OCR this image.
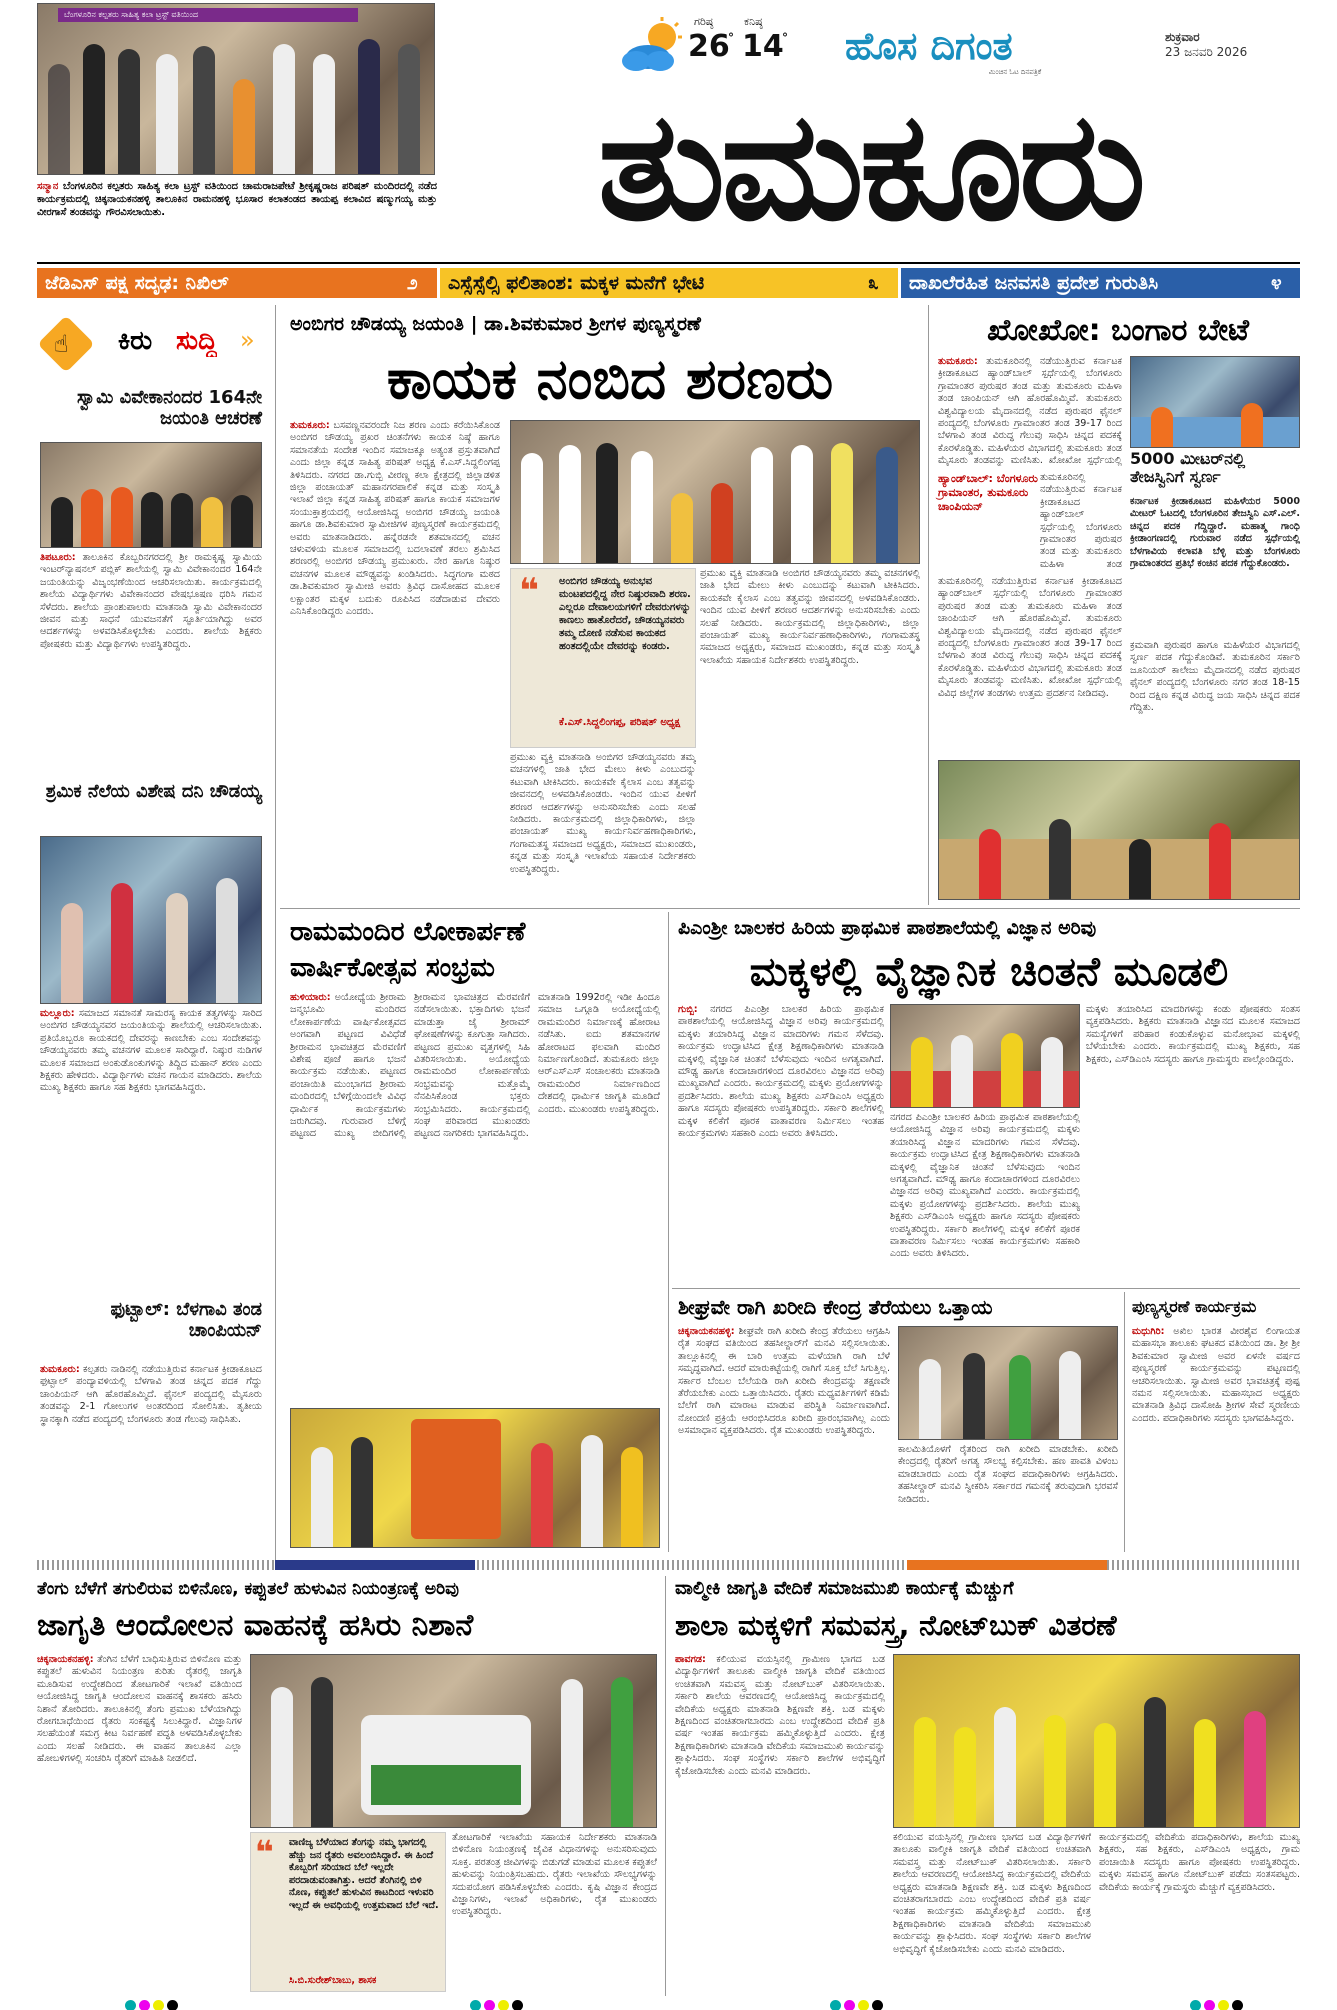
ಬೆಂಗಳೂರಿನ ಕಲ್ಪತರು ಸಾಹಿತ್ಯ ಕಲಾ ಟ್ರಸ್ಟ್ ವತಿಯಿಂದ
ಸನ್ಮಾನ ಬೆಂಗಳೂರಿನ ಕಲ್ಪತರು ಸಾಹಿತ್ಯ ಕಲಾ ಟ್ರಸ್ಟ್ ವತಿಯಿಂದ ಚಾಮರಾಜಪೇಟೆ ಶ್ರೀಕೃಷ್ಣರಾಜ ಪರಿಷತ್ ಮಂದಿರದಲ್ಲಿ ನಡೆದ ಕಾರ್ಯಕ್ರಮದಲ್ಲಿ ಚಿಕ್ಕನಾಯಕನಹಳ್ಳಿ ತಾಲೂಕಿನ ರಾಮನಹಳ್ಳಿ ಭೂಸಾರ ಕಲಾತಂಡದ ತಾಯಪ್ಪ ಕಲಾವಿದ ಷಣ್ಮುಗಯ್ಯ ಮತ್ತು ವೀರಗಾಸೆ ತಂಡವನ್ನು ಗೌರವಿಸಲಾಯಿತು.
ಗರಿಷ್ಠ
26
°
ಕನಿಷ್ಠ
14
° ಹೊಸ ದಿಗಂತ
ಮಿಂಚಿನ ಓಟ ದಿನಪತ್ರಿಕೆ
ಶುಕ್ರವಾರ
23 ಜನವರಿ 2026
ತುಮಕೂರು
ಜೆಡಿಎಸ್ ಪಕ್ಷ ಸದೃಢ: ನಿಖಿಲ್	೨ ಎಸ್ಸೆಸ್ಸೆಲ್ಸಿ ಫಲಿತಾಂಶ: ಮಕ್ಕಳ ಮನೆಗೆ ಭೇಟಿ	೩ ದಾಖಲೆರಹಿತ ಜನವಸತಿ ಪ್ರದೇಶ ಗುರುತಿಸಿ	೪
☝ ಕಿರು ಸುದ್ದಿ »
ಸ್ವಾಮಿ ವಿವೇಕಾನಂದರ 164ನೇ ಜಯಂತಿ ಆಚರಣೆ
ತಿಪಟೂರು: ತಾಲೂಕಿನ ಕೊಬ್ಬರಿನಗರದಲ್ಲಿ ಶ್ರೀ ರಾಮಕೃಷ್ಣ ಸ್ವಾಮಿಯ ಇಂಟರ್‌ನ್ಯಾಷನಲ್ ಪಬ್ಲಿಕ್ ಶಾಲೆಯಲ್ಲಿ ಸ್ವಾಮಿ ವಿವೇಕಾನಂದರ 164ನೇ ಜಯಂತಿಯನ್ನು ವಿಜೃಂಭಣೆಯಿಂದ ಆಚರಿಸಲಾಯಿತು. ಕಾರ್ಯಕ್ರಮದಲ್ಲಿ ಶಾಲೆಯ ವಿದ್ಯಾರ್ಥಿಗಳು ವಿವೇಕಾನಂದರ ವೇಷಭೂಷಣ ಧರಿಸಿ ಗಮನ ಸೆಳೆದರು. ಶಾಲೆಯ ಪ್ರಾಂಶುಪಾಲರು ಮಾತನಾಡಿ ಸ್ವಾಮಿ ವಿವೇಕಾನಂದರ ಜೀವನ ಮತ್ತು ಸಾಧನೆ ಯುವಜನತೆಗೆ ಸ್ಫೂರ್ತಿಯಾಗಿದ್ದು ಅವರ ಆದರ್ಶಗಳನ್ನು ಅಳವಡಿಸಿಕೊಳ್ಳಬೇಕು ಎಂದರು. ಶಾಲೆಯ ಶಿಕ್ಷಕರು ಪೋಷಕರು ಮತ್ತು ವಿದ್ಯಾರ್ಥಿಗಳು ಉಪಸ್ಥಿತರಿದ್ದರು.
ಶ್ರಮಿಕ ನೆಲೆಯ ವಿಶೇಷ ದನಿ ಚೌಡಯ್ಯ
ಮಲ್ಲೂರು: ಸಮಾಜದ ಸಮಾನತೆ ಸಾಮರಸ್ಯ ಕಾಯಕ ತತ್ವಗಳನ್ನು ಸಾರಿದ ಅಂಬಿಗರ ಚೌಡಯ್ಯನವರ ಜಯಂತಿಯನ್ನು ಶಾಲೆಯಲ್ಲಿ ಆಚರಿಸಲಾಯಿತು. ಪ್ರತಿಯೊಬ್ಬರೂ ಕಾಯಕದಲ್ಲಿ ದೇವರನ್ನು ಕಾಣಬೇಕು ಎಂಬ ಸಂದೇಶವನ್ನು ಚೌಡಯ್ಯನವರು ತಮ್ಮ ವಚನಗಳ ಮೂಲಕ ಸಾರಿದ್ದಾರೆ. ನಿಷ್ಠುರ ನುಡಿಗಳ ಮೂಲಕ ಸಮಾಜದ ಅಂಕುಡೊಂಕುಗಳನ್ನು ತಿದ್ದಿದ ಮಹಾನ್ ಶರಣ ಎಂದು ಶಿಕ್ಷಕರು ಹೇಳಿದರು. ವಿದ್ಯಾರ್ಥಿಗಳು ವಚನ ಗಾಯನ ಮಾಡಿದರು. ಶಾಲೆಯ ಮುಖ್ಯ ಶಿಕ್ಷಕರು ಹಾಗೂ ಸಹ ಶಿಕ್ಷಕರು ಭಾಗವಹಿಸಿದ್ದರು.
ಫುಟ್ಬಾಲ್: ಬೆಳಗಾವಿ ತಂಡ ಚಾಂಪಿಯನ್
ತುಮಕೂರು: ಕಲ್ಪತರು ನಾಡಿನಲ್ಲಿ ನಡೆಯುತ್ತಿರುವ ಕರ್ನಾಟಕ ಕ್ರೀಡಾಕೂಟದ ಫುಟ್ಬಾಲ್ ಪಂದ್ಯಾವಳಿಯಲ್ಲಿ ಬೆಳಗಾವಿ ತಂಡ ಚಿನ್ನದ ಪದಕ ಗೆದ್ದು ಚಾಂಪಿಯನ್ ಆಗಿ ಹೊರಹೊಮ್ಮಿದೆ. ಫೈನಲ್ ಪಂದ್ಯದಲ್ಲಿ ಮೈಸೂರು ತಂಡವನ್ನು 2-1 ಗೋಲುಗಳ ಅಂತರದಿಂದ ಸೋಲಿಸಿತು. ತೃತೀಯ ಸ್ಥಾನಕ್ಕಾಗಿ ನಡೆದ ಪಂದ್ಯದಲ್ಲಿ ಬೆಂಗಳೂರು ತಂಡ ಗೆಲುವು ಸಾಧಿಸಿತು.
ಅಂಬಿಗರ ಚೌಡಯ್ಯ ಜಯಂತಿ | ಡಾ.ಶಿವಕುಮಾರ ಶ್ರೀಗಳ ಪುಣ್ಯಸ್ಮರಣೆ
ಕಾಯಕ ನಂಬಿದ ಶರಣರು
ತುಮಕೂರು: ಬಸವಣ್ಣನವರಂದೇ ನಿಜ ಶರಣ ಎಂದು ಕರೆಯಿಸಿಕೊಂಡ ಅಂಬಿಗರ ಚೌಡಯ್ಯ ಪ್ರಖರ ಚಿಂತನೆಗಳು ಕಾಯಕ ನಿಷ್ಠೆ ಹಾಗೂ ಸಮಾನತೆಯ ಸಂದೇಶ ಇಂದಿನ ಸಮಾಜಕ್ಕೂ ಅತ್ಯಂತ ಪ್ರಸ್ತುತವಾಗಿದೆ ಎಂದು ಜಿಲ್ಲಾ ಕನ್ನಡ ಸಾಹಿತ್ಯ ಪರಿಷತ್ ಅಧ್ಯಕ್ಷ ಕೆ.ಎಸ್.ಸಿದ್ದಲಿಂಗಪ್ಪ ತಿಳಿಸಿದರು. ನಗರದ ಡಾ.ಗುಬ್ಬಿ ವೀರಣ್ಣ ಕಲಾ ಕ್ಷೇತ್ರದಲ್ಲಿ ಜಿಲ್ಲಾಡಳಿತ ಜಿಲ್ಲಾ ಪಂಚಾಯತ್ ಮಹಾನಗರಪಾಲಿಕೆ ಕನ್ನಡ ಮತ್ತು ಸಂಸ್ಕೃತಿ ಇಲಾಖೆ ಜಿಲ್ಲಾ ಕನ್ನಡ ಸಾಹಿತ್ಯ ಪರಿಷತ್ ಹಾಗೂ ಕಾಯಕ ಸಮಾಜಗಳ ಸಂಯುಕ್ತಾಶ್ರಯದಲ್ಲಿ ಆಯೋಜಿಸಿದ್ದ ಅಂಬಿಗರ ಚೌಡಯ್ಯ ಜಯಂತಿ ಹಾಗೂ ಡಾ.ಶಿವಕುಮಾರ ಸ್ವಾಮೀಜಿಗಳ ಪುಣ್ಯಸ್ಮರಣೆ ಕಾರ್ಯಕ್ರಮದಲ್ಲಿ ಅವರು ಮಾತನಾಡಿದರು. ಹನ್ನೆರಡನೇ ಶತಮಾನದಲ್ಲಿ ವಚನ ಚಳುವಳಿಯ ಮೂಲಕ ಸಮಾಜದಲ್ಲಿ ಬದಲಾವಣೆ ತರಲು ಶ್ರಮಿಸಿದ ಶರಣರಲ್ಲಿ ಅಂಬಿಗರ ಚೌಡಯ್ಯ ಪ್ರಮುಖರು. ನೇರ ಹಾಗೂ ನಿಷ್ಠುರ ವಚನಗಳ ಮೂಲಕ ಮೌಢ್ಯವನ್ನು ಖಂಡಿಸಿದರು. ಸಿದ್ಧಗಂಗಾ ಮಠದ ಡಾ.ಶಿವಕುಮಾರ ಸ್ವಾಮೀಜಿ ಅವರು ತ್ರಿವಿಧ ದಾಸೋಹದ ಮೂಲಕ ಲಕ್ಷಾಂತರ ಮಕ್ಕಳ ಬದುಕು ರೂಪಿಸಿದ ನಡೆದಾಡುವ ದೇವರು ಎನಿಸಿಕೊಂಡಿದ್ದರು ಎಂದರು.
❝ ಅಂಬಿಗರ ಚೌಡಯ್ಯ ಅನುಭವ ಮಂಟಪದಲ್ಲಿದ್ದ ನೇರ ನಿಷ್ಠುರವಾದಿ ಶರಣ. ಎಲ್ಲರೂ ದೇವಾಲಯಗಳಿಗೆ ದೇವರುಗಳನ್ನು ಕಾಣಲು ಹಾತೊರೆದರೆ, ಚೌಡಯ್ಯನವರು ತಮ್ಮ ದೋಣಿ ನಡೆಸುವ ಕಾಯಕದ ಹಂತದಲ್ಲಿಯೇ ದೇವರನ್ನು ಕಂಡರು.
ಕೆ.ಎಸ್.ಸಿದ್ದಲಿಂಗಪ್ಪ, ಪರಿಷತ್ ಅಧ್ಯಕ್ಷ
ಪ್ರಮುಖ ವ್ಯಕ್ತಿ ಮಾತನಾಡಿ ಅಂಬಿಗರ ಚೌಡಯ್ಯನವರು ತಮ್ಮ ವಚನಗಳಲ್ಲಿ ಜಾತಿ ಭೇದ ಮೇಲು ಕೀಳು ಎಂಬುದನ್ನು ಕಟುವಾಗಿ ಟೀಕಿಸಿದರು. ಕಾಯಕವೇ ಕೈಲಾಸ ಎಂಬ ತತ್ವವನ್ನು ಜೀವನದಲ್ಲಿ ಅಳವಡಿಸಿಕೊಂಡರು. ಇಂದಿನ ಯುವ ಪೀಳಿಗೆ ಶರಣರ ಆದರ್ಶಗಳನ್ನು ಅನುಸರಿಸಬೇಕು ಎಂದು ಸಲಹೆ ನೀಡಿದರು. ಕಾರ್ಯಕ್ರಮದಲ್ಲಿ ಜಿಲ್ಲಾಧಿಕಾರಿಗಳು, ಜಿಲ್ಲಾ ಪಂಚಾಯತ್ ಮುಖ್ಯ ಕಾರ್ಯನಿರ್ವಹಣಾಧಿಕಾರಿಗಳು, ಗಂಗಾಮತಸ್ಥ ಸಮಾಜದ ಅಧ್ಯಕ್ಷರು, ಸಮಾಜದ ಮುಖಂಡರು, ಕನ್ನಡ ಮತ್ತು ಸಂಸ್ಕೃತಿ ಇಲಾಖೆಯ ಸಹಾಯಕ ನಿರ್ದೇಶಕರು ಉಪಸ್ಥಿತರಿದ್ದರು.
ಪ್ರಮುಖ ವ್ಯಕ್ತಿ ಮಾತನಾಡಿ ಅಂಬಿಗರ ಚೌಡಯ್ಯನವರು ತಮ್ಮ ವಚನಗಳಲ್ಲಿ ಜಾತಿ ಭೇದ ಮೇಲು ಕೀಳು ಎಂಬುದನ್ನು ಕಟುವಾಗಿ ಟೀಕಿಸಿದರು. ಕಾಯಕವೇ ಕೈಲಾಸ ಎಂಬ ತತ್ವವನ್ನು ಜೀವನದಲ್ಲಿ ಅಳವಡಿಸಿಕೊಂಡರು. ಇಂದಿನ ಯುವ ಪೀಳಿಗೆ ಶರಣರ ಆದರ್ಶಗಳನ್ನು ಅನುಸರಿಸಬೇಕು ಎಂದು ಸಲಹೆ ನೀಡಿದರು. ಕಾರ್ಯಕ್ರಮದಲ್ಲಿ ಜಿಲ್ಲಾಧಿಕಾರಿಗಳು, ಜಿಲ್ಲಾ ಪಂಚಾಯತ್ ಮುಖ್ಯ ಕಾರ್ಯನಿರ್ವಹಣಾಧಿಕಾರಿಗಳು, ಗಂಗಾಮತಸ್ಥ ಸಮಾಜದ ಅಧ್ಯಕ್ಷರು, ಸಮಾಜದ ಮುಖಂಡರು, ಕನ್ನಡ ಮತ್ತು ಸಂಸ್ಕೃತಿ ಇಲಾಖೆಯ ಸಹಾಯಕ ನಿರ್ದೇಶಕರು ಉಪಸ್ಥಿತರಿದ್ದರು.
ಖೋಖೋ: ಬಂಗಾರ ಬೇಟೆ
ತುಮಕೂರು: ತುಮಕೂರಿನಲ್ಲಿ ನಡೆಯುತ್ತಿರುವ ಕರ್ನಾಟಕ ಕ್ರೀಡಾಕೂಟದ ಹ್ಯಾಂಡ್‌ಬಾಲ್ ಸ್ಪರ್ಧೆಯಲ್ಲಿ ಬೆಂಗಳೂರು ಗ್ರಾಮಾಂತರ ಪುರುಷರ ತಂಡ ಮತ್ತು ತುಮಕೂರು ಮಹಿಳಾ ತಂಡ ಚಾಂಪಿಯನ್ ಆಗಿ ಹೊರಹೊಮ್ಮಿವೆ. ತುಮಕೂರು ವಿಶ್ವವಿದ್ಯಾಲಯ ಮೈದಾನದಲ್ಲಿ ನಡೆದ ಪುರುಷರ ಫೈನಲ್ ಪಂದ್ಯದಲ್ಲಿ ಬೆಂಗಳೂರು ಗ್ರಾಮಾಂತರ ತಂಡ 39-17 ರಿಂದ ಬೆಳಗಾವಿ ತಂಡ ವಿರುದ್ಧ ಗೆಲುವು ಸಾಧಿಸಿ ಚಿನ್ನದ ಪದಕಕ್ಕೆ ಕೊರಳೊಡ್ಡಿತು. ಮಹಿಳೆಯರ ವಿಭಾಗದಲ್ಲಿ ತುಮಕೂರು ತಂಡ ಮೈಸೂರು ತಂಡವನ್ನು ಮಣಿಸಿತು. ಖೋಖೋ ಸ್ಪರ್ಧೆಯಲ್ಲಿ
ಹ್ಯಾಂಡ್‌ಬಾಲ್: ಬೆಂಗಳೂರು ಗ್ರಾಮಾಂತರ, ತುಮಕೂರು ಚಾಂಪಿಯನ್
ತುಮಕೂರಿನಲ್ಲಿ ನಡೆಯುತ್ತಿರುವ ಕರ್ನಾಟಕ ಕ್ರೀಡಾಕೂಟದ ಹ್ಯಾಂಡ್‌ಬಾಲ್ ಸ್ಪರ್ಧೆಯಲ್ಲಿ ಬೆಂಗಳೂರು ಗ್ರಾಮಾಂತರ ಪುರುಷರ ತಂಡ ಮತ್ತು ತುಮಕೂರು ಮಹಿಳಾ ತಂಡ
5000 ಮೀಟರ್‌ನಲ್ಲಿ ತೇಜಸ್ವಿನಿಗೆ ಸ್ವರ್ಣ
ಕರ್ನಾಟಕ ಕ್ರೀಡಾಕೂಟದ ಮಹಿಳೆಯರ 5000 ಮೀಟರ್ ಓಟದಲ್ಲಿ ಬೆಂಗಳೂರಿನ ತೇಜಸ್ವಿನಿ ಎಸ್.ಎಲ್. ಚಿನ್ನದ ಪದಕ ಗೆದ್ದಿದ್ದಾರೆ. ಮಹಾತ್ಮ ಗಾಂಧಿ ಕ್ರೀಡಾಂಗಣದಲ್ಲಿ ಗುರುವಾರ ನಡೆದ ಸ್ಪರ್ಧೆಯಲ್ಲಿ ಬೆಳಗಾವಿಯ ಕಲಾವತಿ ಬೆಳ್ಳಿ ಮತ್ತು ಬೆಂಗಳೂರು ಗ್ರಾಮಾಂತರದ ಪ್ರತಿಭೆ ಕಂಚಿನ ಪದಕ ಗೆದ್ದುಕೊಂಡರು.
ತುಮಕೂರಿನಲ್ಲಿ ನಡೆಯುತ್ತಿರುವ ಕರ್ನಾಟಕ ಕ್ರೀಡಾಕೂಟದ ಹ್ಯಾಂಡ್‌ಬಾಲ್ ಸ್ಪರ್ಧೆಯಲ್ಲಿ ಬೆಂಗಳೂರು ಗ್ರಾಮಾಂತರ ಪುರುಷರ ತಂಡ ಮತ್ತು ತುಮಕೂರು ಮಹಿಳಾ ತಂಡ ಚಾಂಪಿಯನ್ ಆಗಿ ಹೊರಹೊಮ್ಮಿವೆ. ತುಮಕೂರು ವಿಶ್ವವಿದ್ಯಾಲಯ ಮೈದಾನದಲ್ಲಿ ನಡೆದ ಪುರುಷರ ಫೈನಲ್ ಪಂದ್ಯದಲ್ಲಿ ಬೆಂಗಳೂರು ಗ್ರಾಮಾಂತರ ತಂಡ 39-17 ರಿಂದ ಬೆಳಗಾವಿ ತಂಡ ವಿರುದ್ಧ ಗೆಲುವು ಸಾಧಿಸಿ ಚಿನ್ನದ ಪದಕಕ್ಕೆ ಕೊರಳೊಡ್ಡಿತು. ಮಹಿಳೆಯರ ವಿಭಾಗದಲ್ಲಿ ತುಮಕೂರು ತಂಡ ಮೈಸೂರು ತಂಡವನ್ನು ಮಣಿಸಿತು. ಖೋಖೋ ಸ್ಪರ್ಧೆಯಲ್ಲಿ ವಿವಿಧ ಜಿಲ್ಲೆಗಳ ತಂಡಗಳು ಉತ್ತಮ ಪ್ರದರ್ಶನ ನೀಡಿದವು.
ಕ್ರಮವಾಗಿ ಪುರುಷರ ಹಾಗೂ ಮಹಿಳೆಯರ ವಿಭಾಗದಲ್ಲಿ ಸ್ವರ್ಣ ಪದಕ ಗೆದ್ದುಕೊಂಡಿವೆ. ತುಮಕೂರಿನ ಸರ್ಕಾರಿ ಜೂನಿಯರ್ ಕಾಲೇಜು ಮೈದಾನದಲ್ಲಿ ನಡೆದ ಪುರುಷರ ಫೈನಲ್ ಪಂದ್ಯದಲ್ಲಿ ಬೆಂಗಳೂರು ನಗರ ತಂಡ 18-15 ರಿಂದ ದಕ್ಷಿಣ ಕನ್ನಡ ವಿರುದ್ಧ ಜಯ ಸಾಧಿಸಿ ಚಿನ್ನದ ಪದಕ ಗೆದ್ದಿತು.
ರಾಮಮಂದಿರ ಲೋಕಾರ್ಪಣೆ
ವಾರ್ಷಿಕೋತ್ಸವ ಸಂಭ್ರಮ
ಹುಳಿಯಾರು: ಅಯೋಧ್ಯೆಯ ಶ್ರೀರಾಮ ಜನ್ಮಭೂಮಿ ಮಂದಿರದ ಲೋಕಾರ್ಪಣೆಯ ವಾರ್ಷಿಕೋತ್ಸವದ ಅಂಗವಾಗಿ ಪಟ್ಟಣದ ವಿವಿಧೆಡೆ ಶ್ರೀರಾಮನ ಭಾವಚಿತ್ರದ ಮೆರವಣಿಗೆ ವಿಶೇಷ ಪೂಜೆ ಹಾಗೂ ಭಜನೆ ಕಾರ್ಯಕ್ರಮ ನಡೆಯಿತು. ಪಟ್ಟಣದ ಪಂಚಾಯಿತಿ ಮುಂಭಾಗದ ಶ್ರೀರಾಮ ಮಂದಿರದಲ್ಲಿ ಬೆಳಿಗ್ಗೆಯಿಂದಲೇ ವಿವಿಧ ಧಾರ್ಮಿಕ ಕಾರ್ಯಕ್ರಮಗಳು ಜರುಗಿದವು. ಗುರುವಾರ ಬೆಳಿಗ್ಗೆ ಪಟ್ಟಣದ ಮುಖ್ಯ ಬೀದಿಗಳಲ್ಲಿ ಶ್ರೀರಾಮನ ಭಾವಚಿತ್ರದ ಮೆರವಣಿಗೆ ನಡೆಸಲಾಯಿತು. ಭಕ್ತಾದಿಗಳು ಭಜನೆ ಮಾಡುತ್ತಾ ಜೈ ಶ್ರೀರಾಮ್ ಘೋಷಣೆಗಳನ್ನು ಕೂಗುತ್ತಾ ಸಾಗಿದರು. ಪಟ್ಟಣದ ಪ್ರಮುಖ ವೃತ್ತಗಳಲ್ಲಿ ಸಿಹಿ ವಿತರಿಸಲಾಯಿತು. ಅಯೋಧ್ಯೆಯ ರಾಮಮಂದಿರ ಲೋಕಾರ್ಪಣೆಯ ಸಂಭ್ರಮವನ್ನು ಮತ್ತೊಮ್ಮೆ ನೆನಪಿಸಿಕೊಂಡ ಭಕ್ತರು ಸಂಭ್ರಮಿಸಿದರು. ಕಾರ್ಯಕ್ರಮದಲ್ಲಿ ಸಂಘ ಪರಿವಾರದ ಮುಖಂಡರು ಪಟ್ಟಣದ ನಾಗರಿಕರು ಭಾಗವಹಿಸಿದ್ದರು.
ಮಾತನಾಡಿ 1992ರಲ್ಲಿ ಇಡೀ ಹಿಂದೂ ಸಮಾಜ ಒಗ್ಗೂಡಿ ಅಯೋಧ್ಯೆಯಲ್ಲಿ ರಾಮಮಂದಿರ ನಿರ್ಮಾಣಕ್ಕೆ ಹೋರಾಟ ನಡೆಸಿತು. ಐದು ಶತಮಾನಗಳ ಹೋರಾಟದ ಫಲವಾಗಿ ಮಂದಿರ ನಿರ್ಮಾಣಗೊಂಡಿದೆ. ತುಮಕೂರು ಜಿಲ್ಲಾ ಆರ್‌ಎಸ್‌ಎಸ್ ಸಂಚಾಲಕರು ಮಾತನಾಡಿ ರಾಮಮಂದಿರ ನಿರ್ಮಾಣದಿಂದ ದೇಶದಲ್ಲಿ ಧಾರ್ಮಿಕ ಜಾಗೃತಿ ಮೂಡಿದೆ ಎಂದರು. ಮುಖಂಡರು ಉಪಸ್ಥಿತರಿದ್ದರು.
ಪಿಎಂಶ್ರೀ ಬಾಲಕರ ಹಿರಿಯ ಪ್ರಾಥಮಿಕ ಪಾಠಶಾಲೆಯಲ್ಲಿ ವಿಜ್ಞಾನ ಅರಿವು
ಮಕ್ಕಳಲ್ಲಿ ವೈಜ್ಞಾನಿಕ ಚಿಂತನೆ ಮೂಡಲಿ
ಗುಬ್ಬಿ: ನಗರದ ಪಿಎಂಶ್ರೀ ಬಾಲಕರ ಹಿರಿಯ ಪ್ರಾಥಮಿಕ ಪಾಠಶಾಲೆಯಲ್ಲಿ ಆಯೋಜಿಸಿದ್ದ ವಿಜ್ಞಾನ ಅರಿವು ಕಾರ್ಯಕ್ರಮದಲ್ಲಿ ಮಕ್ಕಳು ತಯಾರಿಸಿದ್ದ ವಿಜ್ಞಾನ ಮಾದರಿಗಳು ಗಮನ ಸೆಳೆದವು. ಕಾರ್ಯಕ್ರಮ ಉದ್ಘಾಟಿಸಿದ ಕ್ಷೇತ್ರ ಶಿಕ್ಷಣಾಧಿಕಾರಿಗಳು ಮಾತನಾಡಿ ಮಕ್ಕಳಲ್ಲಿ ವೈಜ್ಞಾನಿಕ ಚಿಂತನೆ ಬೆಳೆಸುವುದು ಇಂದಿನ ಅಗತ್ಯವಾಗಿದೆ. ಮೌಢ್ಯ ಹಾಗೂ ಕಂದಾಚಾರಗಳಿಂದ ದೂರವಿರಲು ವಿಜ್ಞಾನದ ಅರಿವು ಮುಖ್ಯವಾಗಿದೆ ಎಂದರು. ಕಾರ್ಯಕ್ರಮದಲ್ಲಿ ಮಕ್ಕಳು ಪ್ರಯೋಗಗಳನ್ನು ಪ್ರದರ್ಶಿಸಿದರು. ಶಾಲೆಯ ಮುಖ್ಯ ಶಿಕ್ಷಕರು ಎಸ್‌ಡಿಎಂಸಿ ಅಧ್ಯಕ್ಷರು ಹಾಗೂ ಸದಸ್ಯರು ಪೋಷಕರು ಉಪಸ್ಥಿತರಿದ್ದರು. ಸರ್ಕಾರಿ ಶಾಲೆಗಳಲ್ಲಿ ಮಕ್ಕಳ ಕಲಿಕೆಗೆ ಪೂರಕ ವಾತಾವರಣ ನಿರ್ಮಿಸಲು ಇಂತಹ ಕಾರ್ಯಕ್ರಮಗಳು ಸಹಕಾರಿ ಎಂದು ಅವರು ತಿಳಿಸಿದರು.
ನಗರದ ಪಿಎಂಶ್ರೀ ಬಾಲಕರ ಹಿರಿಯ ಪ್ರಾಥಮಿಕ ಪಾಠಶಾಲೆಯಲ್ಲಿ ಆಯೋಜಿಸಿದ್ದ ವಿಜ್ಞಾನ ಅರಿವು ಕಾರ್ಯಕ್ರಮದಲ್ಲಿ ಮಕ್ಕಳು ತಯಾರಿಸಿದ್ದ ವಿಜ್ಞಾನ ಮಾದರಿಗಳು ಗಮನ ಸೆಳೆದವು. ಕಾರ್ಯಕ್ರಮ ಉದ್ಘಾಟಿಸಿದ ಕ್ಷೇತ್ರ ಶಿಕ್ಷಣಾಧಿಕಾರಿಗಳು ಮಾತನಾಡಿ ಮಕ್ಕಳಲ್ಲಿ ವೈಜ್ಞಾನಿಕ ಚಿಂತನೆ ಬೆಳೆಸುವುದು ಇಂದಿನ ಅಗತ್ಯವಾಗಿದೆ. ಮೌಢ್ಯ ಹಾಗೂ ಕಂದಾಚಾರಗಳಿಂದ ದೂರವಿರಲು ವಿಜ್ಞಾನದ ಅರಿವು ಮುಖ್ಯವಾಗಿದೆ ಎಂದರು. ಕಾರ್ಯಕ್ರಮದಲ್ಲಿ ಮಕ್ಕಳು ಪ್ರಯೋಗಗಳನ್ನು ಪ್ರದರ್ಶಿಸಿದರು. ಶಾಲೆಯ ಮುಖ್ಯ ಶಿಕ್ಷಕರು ಎಸ್‌ಡಿಎಂಸಿ ಅಧ್ಯಕ್ಷರು ಹಾಗೂ ಸದಸ್ಯರು ಪೋಷಕರು ಉಪಸ್ಥಿತರಿದ್ದರು. ಸರ್ಕಾರಿ ಶಾಲೆಗಳಲ್ಲಿ ಮಕ್ಕಳ ಕಲಿಕೆಗೆ ಪೂರಕ ವಾತಾವರಣ ನಿರ್ಮಿಸಲು ಇಂತಹ ಕಾರ್ಯಕ್ರಮಗಳು ಸಹಕಾರಿ ಎಂದು ಅವರು ತಿಳಿಸಿದರು.
ಮಕ್ಕಳು ತಯಾರಿಸಿದ ಮಾದರಿಗಳನ್ನು ಕಂಡು ಪೋಷಕರು ಸಂತಸ ವ್ಯಕ್ತಪಡಿಸಿದರು. ಶಿಕ್ಷಕರು ಮಾತನಾಡಿ ವಿಜ್ಞಾನದ ಮೂಲಕ ಸಮಾಜದ ಸಮಸ್ಯೆಗಳಿಗೆ ಪರಿಹಾರ ಕಂಡುಕೊಳ್ಳುವ ಮನೋಭಾವ ಮಕ್ಕಳಲ್ಲಿ ಬೆಳೆಯಬೇಕು ಎಂದರು. ಕಾರ್ಯಕ್ರಮದಲ್ಲಿ ಮುಖ್ಯ ಶಿಕ್ಷಕರು, ಸಹ ಶಿಕ್ಷಕರು, ಎಸ್‌ಡಿಎಂಸಿ ಸದಸ್ಯರು ಹಾಗೂ ಗ್ರಾಮಸ್ಥರು ಪಾಲ್ಗೊಂಡಿದ್ದರು.
ಶೀಘ್ರವೇ ರಾಗಿ ಖರೀದಿ ಕೇಂದ್ರ ತೆರೆಯಲು ಒತ್ತಾಯ
ಚಿಕ್ಕನಾಯಕನಹಳ್ಳಿ: ಶೀಘ್ರವೇ ರಾಗಿ ಖರೀದಿ ಕೇಂದ್ರ ತೆರೆಯಲು ಆಗ್ರಹಿಸಿ ರೈತ ಸಂಘದ ವತಿಯಿಂದ ತಹಸೀಲ್ದಾರ್‌ಗೆ ಮನವಿ ಸಲ್ಲಿಸಲಾಯಿತು. ತಾಲ್ಲೂಕಿನಲ್ಲಿ ಈ ಬಾರಿ ಉತ್ತಮ ಮಳೆಯಾಗಿ ರಾಗಿ ಬೆಳೆ ಸಮೃದ್ಧವಾಗಿದೆ. ಆದರೆ ಮಾರುಕಟ್ಟೆಯಲ್ಲಿ ರಾಗಿಗೆ ಸೂಕ್ತ ಬೆಲೆ ಸಿಗುತ್ತಿಲ್ಲ. ಸರ್ಕಾರ ಬೆಂಬಲ ಬೆಲೆಯಡಿ ರಾಗಿ ಖರೀದಿ ಕೇಂದ್ರವನ್ನು ತಕ್ಷಣವೇ ತೆರೆಯಬೇಕು ಎಂದು ಒತ್ತಾಯಿಸಿದರು. ರೈತರು ಮಧ್ಯವರ್ತಿಗಳಿಗೆ ಕಡಿಮೆ ಬೆಲೆಗೆ ರಾಗಿ ಮಾರಾಟ ಮಾಡುವ ಪರಿಸ್ಥಿತಿ ನಿರ್ಮಾಣವಾಗಿದೆ. ನೋಂದಣಿ ಪ್ರಕ್ರಿಯೆ ಆರಂಭಿಸಿದರೂ ಖರೀದಿ ಪ್ರಾರಂಭವಾಗಿಲ್ಲ ಎಂದು ಅಸಮಾಧಾನ ವ್ಯಕ್ತಪಡಿಸಿದರು. ರೈತ ಮುಖಂಡರು ಉಪಸ್ಥಿತರಿದ್ದರು.
ಕಾಲಮಿತಿಯೊಳಗೆ ರೈತರಿಂದ ರಾಗಿ ಖರೀದಿ ಮಾಡಬೇಕು. ಖರೀದಿ ಕೇಂದ್ರದಲ್ಲಿ ರೈತರಿಗೆ ಅಗತ್ಯ ಸೌಲಭ್ಯ ಕಲ್ಪಿಸಬೇಕು. ಹಣ ಪಾವತಿ ವಿಳಂಬ ಮಾಡಬಾರದು ಎಂದು ರೈತ ಸಂಘದ ಪದಾಧಿಕಾರಿಗಳು ಆಗ್ರಹಿಸಿದರು. ತಹಸೀಲ್ದಾರ್ ಮನವಿ ಸ್ವೀಕರಿಸಿ ಸರ್ಕಾರದ ಗಮನಕ್ಕೆ ತರುವುದಾಗಿ ಭರವಸೆ ನೀಡಿದರು.
ಪುಣ್ಯಸ್ಮರಣೆ ಕಾರ್ಯಕ್ರಮ
ಮಧುಗಿರಿ: ಅಖಿಲ ಭಾರತ ವೀರಶೈವ ಲಿಂಗಾಯತ ಮಹಾಸಭಾ ತಾಲೂಕು ಘಟಕದ ವತಿಯಿಂದ ಡಾ. ಶ್ರೀ ಶ್ರೀ ಶಿವಕುಮಾರ ಸ್ವಾಮೀಜಿ ಅವರ ಏಳನೇ ವರ್ಷದ ಪುಣ್ಯಸ್ಮರಣೆ ಕಾರ್ಯಕ್ರಮವನ್ನು ಪಟ್ಟಣದಲ್ಲಿ ಆಚರಿಸಲಾಯಿತು. ಸ್ವಾಮೀಜಿ ಅವರ ಭಾವಚಿತ್ರಕ್ಕೆ ಪುಷ್ಪ ನಮನ ಸಲ್ಲಿಸಲಾಯಿತು. ಮಹಾಸಭಾದ ಅಧ್ಯಕ್ಷರು ಮಾತನಾಡಿ ತ್ರಿವಿಧ ದಾಸೋಹಿ ಶ್ರೀಗಳ ಸೇವೆ ಸ್ಮರಣೀಯ ಎಂದರು. ಪದಾಧಿಕಾರಿಗಳು ಸದಸ್ಯರು ಭಾಗವಹಿಸಿದ್ದರು.
ತೆಂಗು ಬೆಳೆಗೆ ತಗುಲಿರುವ ಬಿಳಿನೊಣ, ಕಪ್ಪುತಲೆ ಹುಳುವಿನ ನಿಯಂತ್ರಣಕ್ಕೆ ಅರಿವು
ಜಾಗೃತಿ ಆಂದೋಲನ ವಾಹನಕ್ಕೆ ಹಸಿರು ನಿಶಾನೆ
ಚಿಕ್ಕನಾಯಕನಹಳ್ಳಿ: ತೆಂಗಿನ ಬೆಳೆಗೆ ಬಾಧಿಸುತ್ತಿರುವ ಬಿಳಿನೊಣ ಮತ್ತು ಕಪ್ಪುತಲೆ ಹುಳುವಿನ ನಿಯಂತ್ರಣ ಕುರಿತು ರೈತರಲ್ಲಿ ಜಾಗೃತಿ ಮೂಡಿಸುವ ಉದ್ದೇಶದಿಂದ ತೋಟಗಾರಿಕೆ ಇಲಾಖೆ ವತಿಯಿಂದ ಆಯೋಜಿಸಿದ್ದ ಜಾಗೃತಿ ಆಂದೋಲನ ವಾಹನಕ್ಕೆ ಶಾಸಕರು ಹಸಿರು ನಿಶಾನೆ ತೋರಿದರು. ತಾಲೂಕಿನಲ್ಲಿ ತೆಂಗು ಪ್ರಮುಖ ಬೆಳೆಯಾಗಿದ್ದು ರೋಗಬಾಧೆಯಿಂದ ರೈತರು ಸಂಕಷ್ಟಕ್ಕೆ ಸಿಲುಕಿದ್ದಾರೆ. ವಿಜ್ಞಾನಿಗಳ ಸಲಹೆಯಂತೆ ಸಮಗ್ರ ಕೀಟ ನಿರ್ವಹಣೆ ಪದ್ಧತಿ ಅಳವಡಿಸಿಕೊಳ್ಳಬೇಕು ಎಂದು ಸಲಹೆ ನೀಡಿದರು. ಈ ವಾಹನ ತಾಲೂಕಿನ ಎಲ್ಲಾ ಹೋಬಳಿಗಳಲ್ಲಿ ಸಂಚರಿಸಿ ರೈತರಿಗೆ ಮಾಹಿತಿ ನೀಡಲಿದೆ.
❝ ವಾಣಿಜ್ಯ ಬೆಳೆಯಾದ ತೆಂಗನ್ನು ನಮ್ಮ ಭಾಗದಲ್ಲಿ ಹೆಚ್ಚು ಜನ ರೈತರು ಅವಲಂಬಿಸಿದ್ದಾರೆ. ಈ ಹಿಂದೆ ಕೊಬ್ಬರಿಗೆ ಸರಿಯಾದ ಬೆಲೆ ಇಲ್ಲದೇ ಪರದಾಡುವಂತಾಗಿತ್ತು. ಆದರೆ ತೆಂಗಿನಲ್ಲಿ ಬಿಳಿ ನೊಣ, ಕಪ್ಪುತಲೆ ಹುಳುವಿನ ಕಾಟದಿಂದ ಇಳುವರಿ ಇಲ್ಲದೆ ಈ ಅವಧಿಯಲ್ಲಿ ಉತ್ತಮವಾದ ಬೆಲೆ ಇದೆ.
ಸಿ.ಬಿ.ಸುರೇಶ್‌ಬಾಬು, ಶಾಸಕ
ತೋಟಗಾರಿಕೆ ಇಲಾಖೆಯ ಸಹಾಯಕ ನಿರ್ದೇಶಕರು ಮಾತನಾಡಿ ಬಿಳಿನೊಣ ನಿಯಂತ್ರಣಕ್ಕೆ ಜೈವಿಕ ವಿಧಾನಗಳನ್ನು ಅನುಸರಿಸುವುದು ಸೂಕ್ತ. ಪರತಂತ್ರ ಜೀವಿಗಳನ್ನು ಬಿಡುಗಡೆ ಮಾಡುವ ಮೂಲಕ ಕಪ್ಪುತಲೆ ಹುಳುವನ್ನು ನಿಯಂತ್ರಿಸಬಹುದು. ರೈತರು ಇಲಾಖೆಯ ಸೌಲಭ್ಯಗಳನ್ನು ಸದುಪಯೋಗ ಪಡಿಸಿಕೊಳ್ಳಬೇಕು ಎಂದರು. ಕೃಷಿ ವಿಜ್ಞಾನ ಕೇಂದ್ರದ ವಿಜ್ಞಾನಿಗಳು, ಇಲಾಖೆ ಅಧಿಕಾರಿಗಳು, ರೈತ ಮುಖಂಡರು ಉಪಸ್ಥಿತರಿದ್ದರು.
ವಾಲ್ಮೀಕಿ ಜಾಗೃತಿ ವೇದಿಕೆ ಸಮಾಜಮುಖಿ ಕಾರ್ಯಕ್ಕೆ ಮೆಚ್ಚುಗೆ
ಶಾಲಾ ಮಕ್ಕಳಿಗೆ ಸಮವಸ್ತ್ರ, ನೋಟ್‌ಬುಕ್ ವಿತರಣೆ
ಪಾವಗಡ: ಕಲಿಯುವ ವಯಸ್ಸಿನಲ್ಲಿ ಗ್ರಾಮೀಣ ಭಾಗದ ಬಡ ವಿದ್ಯಾರ್ಥಿಗಳಿಗೆ ತಾಲೂಕು ವಾಲ್ಮೀಕಿ ಜಾಗೃತಿ ವೇದಿಕೆ ವತಿಯಿಂದ ಉಚಿತವಾಗಿ ಸಮವಸ್ತ್ರ ಮತ್ತು ನೋಟ್‌ಬುಕ್ ವಿತರಿಸಲಾಯಿತು. ಸರ್ಕಾರಿ ಶಾಲೆಯ ಆವರಣದಲ್ಲಿ ಆಯೋಜಿಸಿದ್ದ ಕಾರ್ಯಕ್ರಮದಲ್ಲಿ ವೇದಿಕೆಯ ಅಧ್ಯಕ್ಷರು ಮಾತನಾಡಿ ಶಿಕ್ಷಣವೇ ಶಕ್ತಿ. ಬಡ ಮಕ್ಕಳು ಶಿಕ್ಷಣದಿಂದ ವಂಚಿತರಾಗಬಾರದು ಎಂಬ ಉದ್ದೇಶದಿಂದ ವೇದಿಕೆ ಪ್ರತಿ ವರ್ಷ ಇಂತಹ ಕಾರ್ಯಕ್ರಮ ಹಮ್ಮಿಕೊಳ್ಳುತ್ತಿದೆ ಎಂದರು. ಕ್ಷೇತ್ರ ಶಿಕ್ಷಣಾಧಿಕಾರಿಗಳು ಮಾತನಾಡಿ ವೇದಿಕೆಯ ಸಮಾಜಮುಖಿ ಕಾರ್ಯವನ್ನು ಶ್ಲಾಘಿಸಿದರು. ಸಂಘ ಸಂಸ್ಥೆಗಳು ಸರ್ಕಾರಿ ಶಾಲೆಗಳ ಅಭಿವೃದ್ಧಿಗೆ ಕೈಜೋಡಿಸಬೇಕು ಎಂದು ಮನವಿ ಮಾಡಿದರು.
ಕಲಿಯುವ ವಯಸ್ಸಿನಲ್ಲಿ ಗ್ರಾಮೀಣ ಭಾಗದ ಬಡ ವಿದ್ಯಾರ್ಥಿಗಳಿಗೆ ತಾಲೂಕು ವಾಲ್ಮೀಕಿ ಜಾಗೃತಿ ವೇದಿಕೆ ವತಿಯಿಂದ ಉಚಿತವಾಗಿ ಸಮವಸ್ತ್ರ ಮತ್ತು ನೋಟ್‌ಬುಕ್ ವಿತರಿಸಲಾಯಿತು. ಸರ್ಕಾರಿ ಶಾಲೆಯ ಆವರಣದಲ್ಲಿ ಆಯೋಜಿಸಿದ್ದ ಕಾರ್ಯಕ್ರಮದಲ್ಲಿ ವೇದಿಕೆಯ ಅಧ್ಯಕ್ಷರು ಮಾತನಾಡಿ ಶಿಕ್ಷಣವೇ ಶಕ್ತಿ. ಬಡ ಮಕ್ಕಳು ಶಿಕ್ಷಣದಿಂದ ವಂಚಿತರಾಗಬಾರದು ಎಂಬ ಉದ್ದೇಶದಿಂದ ವೇದಿಕೆ ಪ್ರತಿ ವರ್ಷ ಇಂತಹ ಕಾರ್ಯಕ್ರಮ ಹಮ್ಮಿಕೊಳ್ಳುತ್ತಿದೆ ಎಂದರು. ಕ್ಷೇತ್ರ ಶಿಕ್ಷಣಾಧಿಕಾರಿಗಳು ಮಾತನಾಡಿ ವೇದಿಕೆಯ ಸಮಾಜಮುಖಿ ಕಾರ್ಯವನ್ನು ಶ್ಲಾಘಿಸಿದರು. ಸಂಘ ಸಂಸ್ಥೆಗಳು ಸರ್ಕಾರಿ ಶಾಲೆಗಳ ಅಭಿವೃದ್ಧಿಗೆ ಕೈಜೋಡಿಸಬೇಕು ಎಂದು ಮನವಿ ಮಾಡಿದರು.
ಕಾರ್ಯಕ್ರಮದಲ್ಲಿ ವೇದಿಕೆಯ ಪದಾಧಿಕಾರಿಗಳು, ಶಾಲೆಯ ಮುಖ್ಯ ಶಿಕ್ಷಕರು, ಸಹ ಶಿಕ್ಷಕರು, ಎಸ್‌ಡಿಎಂಸಿ ಅಧ್ಯಕ್ಷರು, ಗ್ರಾಮ ಪಂಚಾಯಿತಿ ಸದಸ್ಯರು ಹಾಗೂ ಪೋಷಕರು ಉಪಸ್ಥಿತರಿದ್ದರು. ಮಕ್ಕಳು ಸಮವಸ್ತ್ರ ಹಾಗೂ ನೋಟ್‌ಬುಕ್ ಪಡೆದು ಸಂತಸಪಟ್ಟರು. ವೇದಿಕೆಯ ಕಾರ್ಯಕ್ಕೆ ಗ್ರಾಮಸ್ಥರು ಮೆಚ್ಚುಗೆ ವ್ಯಕ್ತಪಡಿಸಿದರು.
